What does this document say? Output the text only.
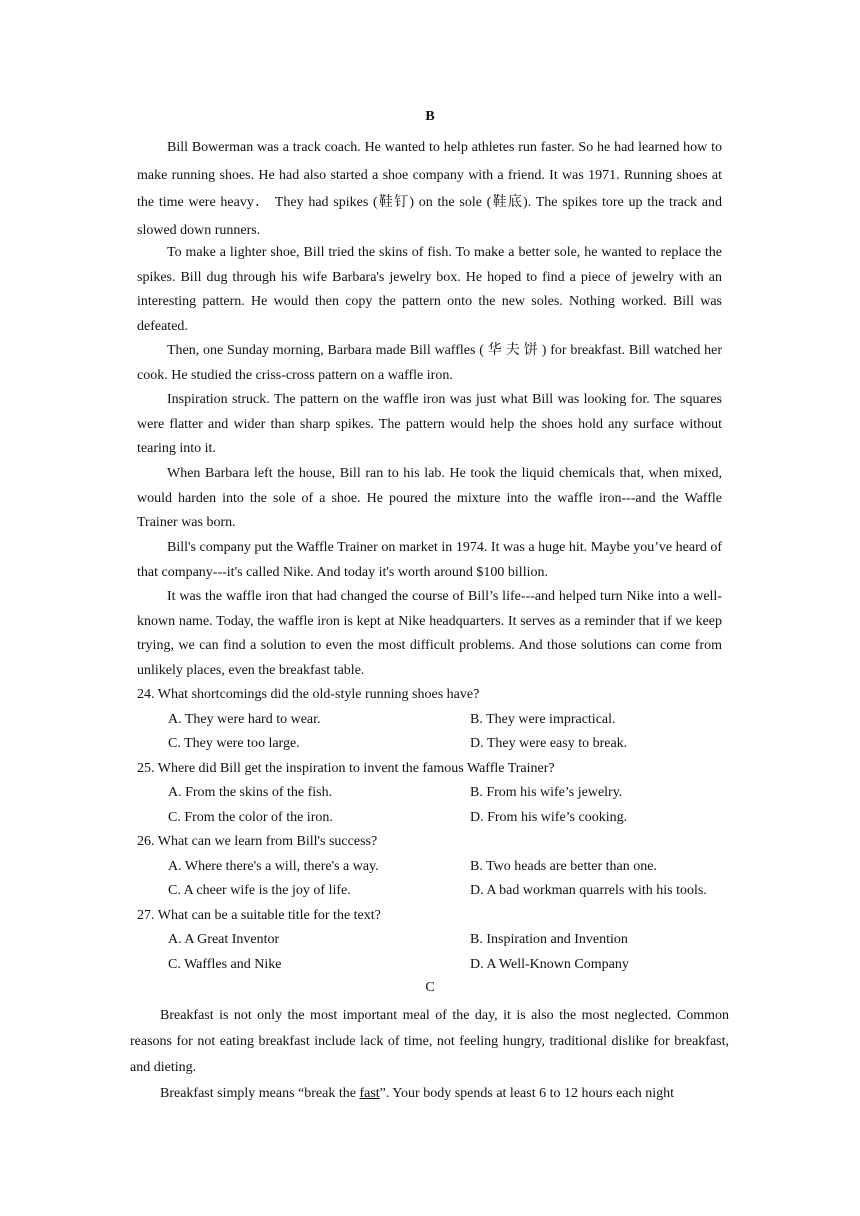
B

Bill Bowerman was a track coach. He wanted to help athletes run faster. So he had learned how to make running shoes. He had also started a shoe company with a friend. It was 1971. Running shoes at the time were heavy． They had spikes (鞋钉) on the sole (鞋底). The spikes tore up the track and slowed down runners.

To make a lighter shoe, Bill tried the skins of fish. To make a better sole, he wanted to replace the spikes. Bill dug through his wife Barbara's jewelry box. He hoped to find a piece of jewelry with an interesting pattern. He would then copy the pattern onto the new soles. Nothing worked. Bill was defeated.

Then, one Sunday morning, Barbara made Bill waffles ( 华 夫 饼 ) for breakfast. Bill watched her cook. He studied the criss-cross pattern on a waffle iron.

Inspiration struck. The pattern on the waffle iron was just what Bill was looking for. The squares were flatter and wider than sharp spikes. The pattern would help the shoes hold any surface without tearing into it.

When Barbara left the house, Bill ran to his lab. He took the liquid chemicals that, when mixed, would harden into the sole of a shoe. He poured the mixture into the waffle iron---and the Waffle Trainer was born.

Bill's company put the Waffle Trainer on market in 1974. It was a huge hit. Maybe you’ve heard of that company---it's called Nike. And today it's worth around $100 billion.

It was the waffle iron that had changed the course of Bill’s life---and helped turn Nike into a well-known name. Today, the waffle iron is kept at Nike headquarters. It serves as a reminder that if we keep trying, we can find a solution to even the most difficult problems. And those solutions can come from unlikely places, even the breakfast table.

24. What shortcomings did the old-style running shoes have?
A. They were hard to wear.	B. They were impractical.
C. They were too large.	D. They were easy to break.
25. Where did Bill get the inspiration to invent the famous Waffle Trainer?
A. From the skins of the fish.	B. From his wife’s jewelry.
C. From the color of the iron.	D. From his wife’s cooking.
26. What can we learn from Bill's success?
A. Where there's a will, there's a way.	B. Two heads are better than one.
C. A cheer wife is the joy of life.	D. A bad workman quarrels with his tools.
27. What can be a suitable title for the text?
A. A Great Inventor	B. Inspiration and Invention
C. Waffles and Nike	D. A Well-Known Company
C

Breakfast is not only the most important meal of the day, it is also the most neglected. Common reasons for not eating breakfast include lack of time, not feeling hungry, traditional dislike for breakfast, and dieting.

Breakfast simply means “break the fast”. Your body spends at least 6 to 12 hours each night
